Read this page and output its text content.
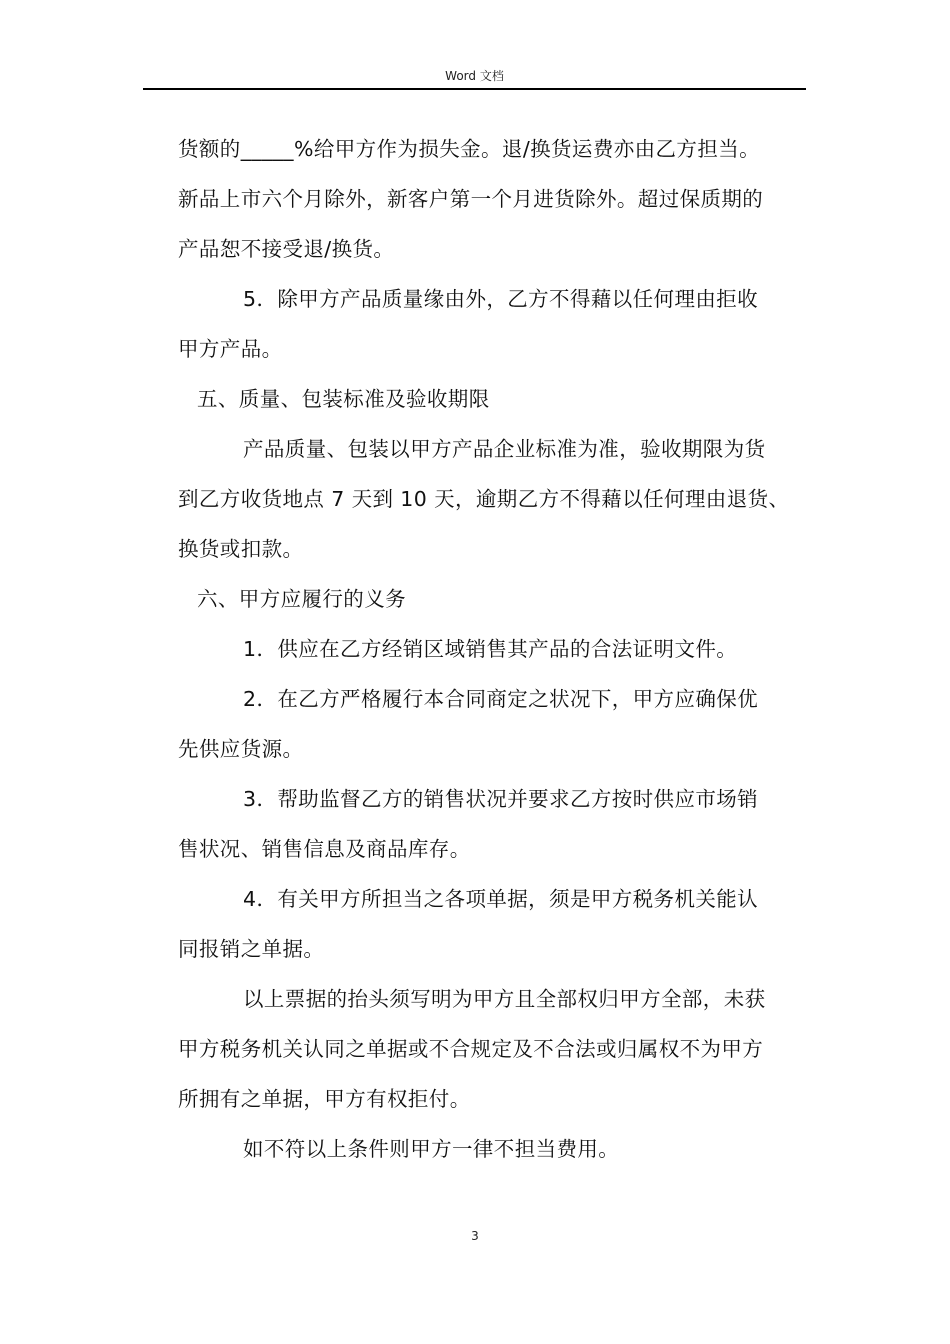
Word 文档
货额的_____%给甲方作为损失金。退/换货运费亦由乙方担当。
新品上市六个月除外，新客户第一个月进货除外。超过保质期的
产品恕不接受退/换货。
5．除甲方产品质量缘由外，乙方不得藉以任何理由拒收
甲方产品。
五、质量、包装标准及验收期限
产品质量、包装以甲方产品企业标准为准，验收期限为货
到乙方收货地点 7 天到 10 天，逾期乙方不得藉以任何理由退货、
换货或扣款。
六、甲方应履行的义务
1．供应在乙方经销区域销售其产品的合法证明文件。
2．在乙方严格履行本合同商定之状况下，甲方应确保优
先供应货源。
3．帮助监督乙方的销售状况并要求乙方按时供应市场销
售状况、销售信息及商品库存。
4．有关甲方所担当之各项单据，须是甲方税务机关能认
同报销之单据。
以上票据的抬头须写明为甲方且全部权归甲方全部，未获
甲方税务机关认同之单据或不合规定及不合法或归属权不为甲方
所拥有之单据，甲方有权拒付。
如不符以上条件则甲方一律不担当费用。
3
